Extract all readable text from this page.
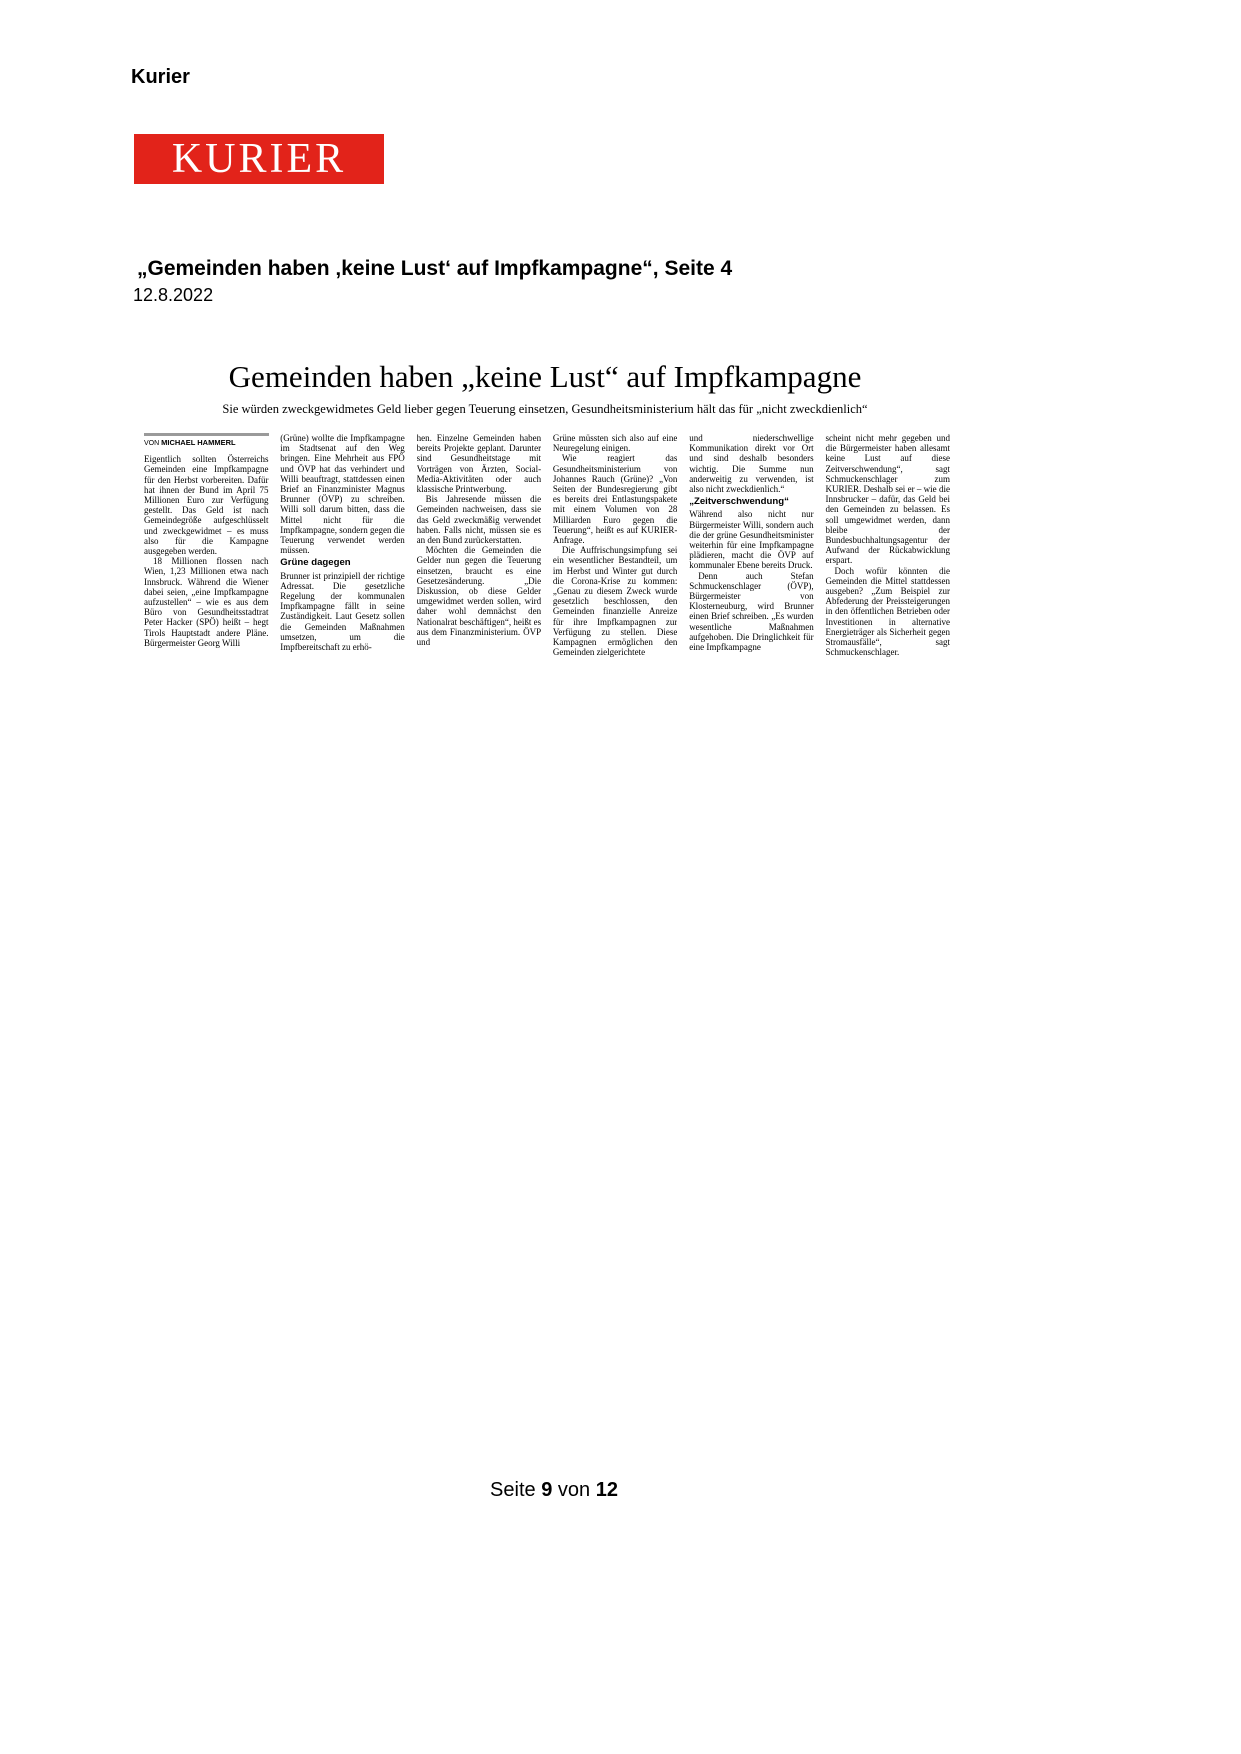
Kurier
KURIER
„Gemeinden haben ‚keine Lust‘ auf Impfkampagne“, Seite 4
12.8.2022
Gemeinden haben „keine Lust“ auf Impfkampagne
Sie würden zweckgewidmetes Geld lieber gegen Teuerung einsetzen, Gesundheitsministerium hält das für „nicht zweckdienlich“
VON MICHAEL HAMMERL

Eigentlich sollten Österreichs Gemeinden eine Impfkampagne für den Herbst vorbereiten. Dafür hat ihnen der Bund im April 75 Millionen Euro zur Verfügung gestellt. Das Geld ist nach Gemeindegröße aufgeschlüsselt und zweckgewidmet – es muss also für die Kampagne ausgegeben werden.

18 Millionen flossen nach Wien, 1,23 Millionen etwa nach Innsbruck. Während die Wiener dabei seien, „eine Impfkampagne aufzustellen“ – wie es aus dem Büro von Gesundheitsstadtrat Peter Hacker (SPÖ) heißt – hegt Tirols Hauptstadt andere Pläne. Bürgermeister Georg Willi

(Grüne) wollte die Impfkampagne im Stadtsenat auf den Weg bringen. Eine Mehrheit aus FPÖ und ÖVP hat das verhindert und Willi beauftragt, stattdessen einen Brief an Finanzminister Magnus Brunner (ÖVP) zu schreiben. Willi soll darum bitten, dass die Mittel nicht für die Impfkampagne, sondern gegen die Teuerung verwendet werden müssen.

Grüne dagegen

Brunner ist prinzipiell der richtige Adressat. Die gesetzliche Regelung der kommunalen Impfkampagne fällt in seine Zuständigkeit. Laut Gesetz sollen die Gemeinden Maßnahmen umsetzen, um die Impfbereitschaft zu erhö-

hen. Einzelne Gemeinden haben bereits Projekte geplant. Darunter sind Gesundheitstage mit Vorträgen von Ärzten, Social-Media-Aktivitäten oder auch klassische Printwerbung.

Bis Jahresende müssen die Gemeinden nachweisen, dass sie das Geld zweckmäßig verwendet haben. Falls nicht, müssen sie es an den Bund zurückerstatten.

Möchten die Gemeinden die Gelder nun gegen die Teuerung einsetzen, braucht es eine Gesetzesänderung. „Die Diskussion, ob diese Gelder umgewidmet werden sollen, wird daher wohl demnächst den Nationalrat beschäftigen“, heißt es aus dem Finanzministerium. ÖVP und

Grüne müssten sich also auf eine Neuregelung einigen.

Wie reagiert das Gesundheitsministerium von Johannes Rauch (Grüne)? „Von Seiten der Bundesregierung gibt es bereits drei Entlastungspakete mit einem Volumen von 28 Milliarden Euro gegen die Teuerung“, heißt es auf KURIER-Anfrage.

Die Auffrischungsimpfung sei ein wesentlicher Bestandteil, um im Herbst und Winter gut durch die Corona-Krise zu kommen: „Genau zu diesem Zweck wurde gesetzlich beschlossen, den Gemeinden finanzielle Anreize für ihre Impfkampagnen zur Verfügung zu stellen. Diese Kampagnen ermöglichen den Gemeinden zielgerichtete

und niederschwellige Kommunikation direkt vor Ort und sind deshalb besonders wichtig. Die Summe nun anderweitig zu verwenden, ist also nicht zweckdienlich.“

„Zeitverschwendung“

Während also nicht nur Bürgermeister Willi, sondern auch die der grüne Gesundheitsminister weiterhin für eine Impfkampagne plädieren, macht die ÖVP auf kommunaler Ebene bereits Druck.

Denn auch Stefan Schmuckenschlager (ÖVP), Bürgermeister von Klosterneuburg, wird Brunner einen Brief schreiben. „Es wurden wesentliche Maßnahmen aufgehoben. Die Dringlichkeit für eine Impfkampagne

scheint nicht mehr gegeben und die Bürgermeister haben allesamt keine Lust auf diese Zeitverschwendung“, sagt Schmuckenschlager zum KURIER. Deshalb sei er – wie die Innsbrucker – dafür, das Geld bei den Gemeinden zu belassen. Es soll umgewidmet werden, dann bleibe der Bundesbuchhaltungsagentur der Aufwand der Rückabwicklung erspart.

Doch wofür könnten die Gemeinden die Mittel stattdessen ausgeben? „Zum Beispiel zur Abfederung der Preissteigerungen in den öffentlichen Betrieben oder Investitionen in alternative Energieträger als Sicherheit gegen Stromausfälle“, sagt Schmuckenschlager.

Seite 9 von 12
